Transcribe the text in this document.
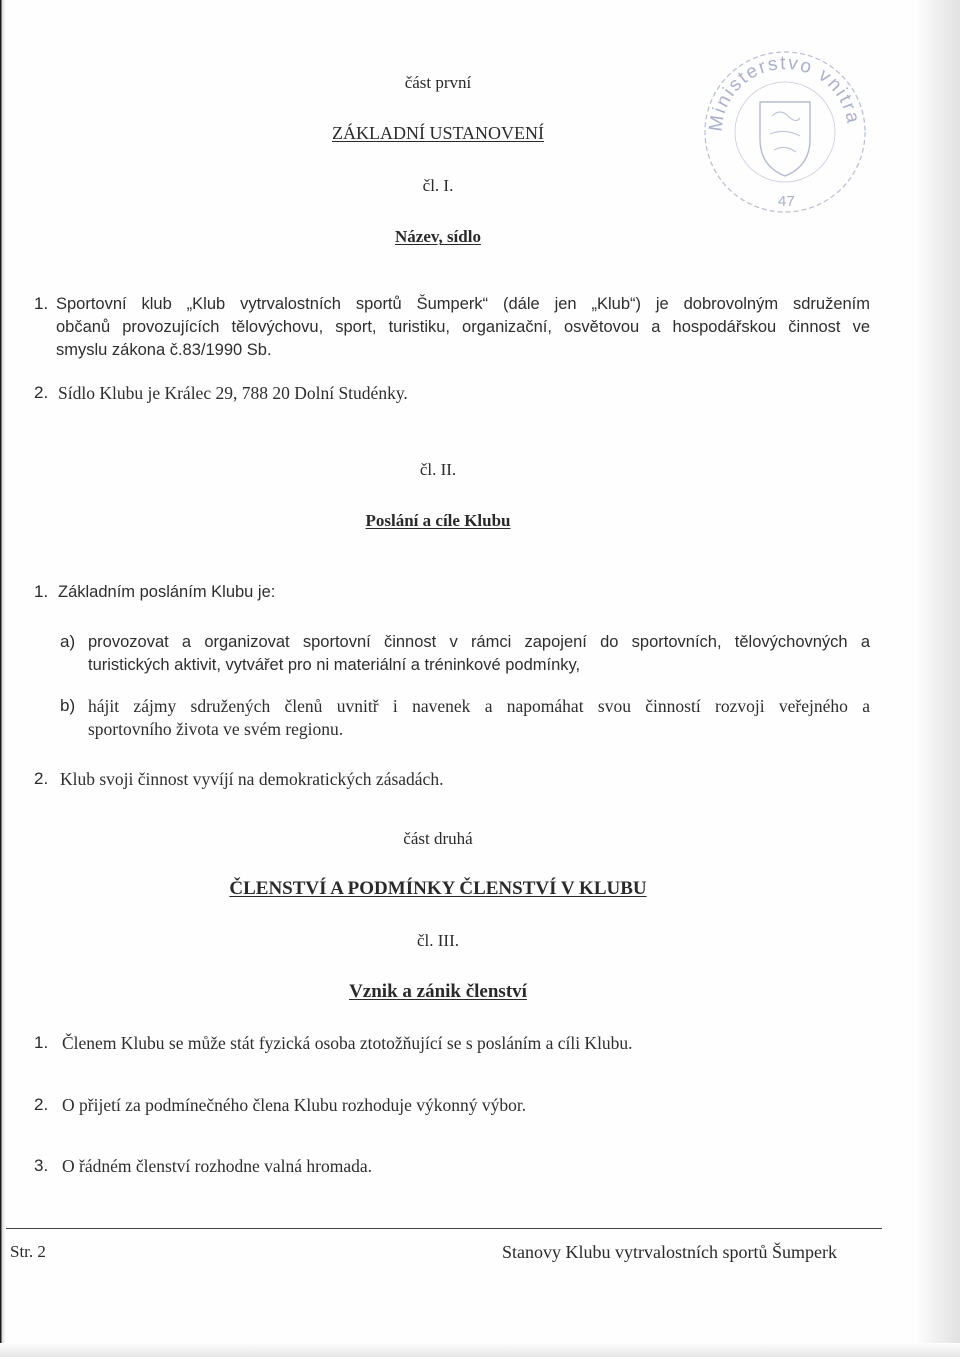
Ministerstvo vnitra
47
část první
ZÁKLADNÍ USTANOVENÍ
čl. I.
Název, sídlo
1. Sportovní klub „Klub vytrvalostních sportů Šumperk“ (dále jen „Klub“) je dobrovolným sdružením
občanů provozujících tělovýchovu, sport, turistiku, organizační, osvětovou a hospodářskou činnost ve
smyslu zákona č.83/1990 Sb.
2. Sídlo Klubu je Králec 29, 788 20 Dolní Studénky.
čl. II.
Poslání a cíle Klubu
1. Základním posláním Klubu je:
a) provozovat a organizovat sportovní činnost v rámci zapojení do sportovních, tělovýchovných a
turistických aktivit, vytvářet pro ni materiální a tréninkové podmínky,
b) hájit zájmy sdružených členů uvnitř i navenek a napomáhat svou činností rozvoji veřejného a
sportovního života ve svém regionu.
2. Klub svoji činnost vyvíjí na demokratických zásadách.
část druhá
ČLENSTVÍ A PODMÍNKY ČLENSTVÍ V KLUBU
čl. III.
Vznik a zánik členství
1. Členem Klubu se může stát fyzická osoba ztotožňující se s posláním a cíli Klubu.
2. O přijetí za podmínečného člena Klubu rozhoduje výkonný výbor.
3. O řádném členství rozhodne valná hromada.
Str. 2	Stanovy Klubu vytrvalostních sportů Šumperk
